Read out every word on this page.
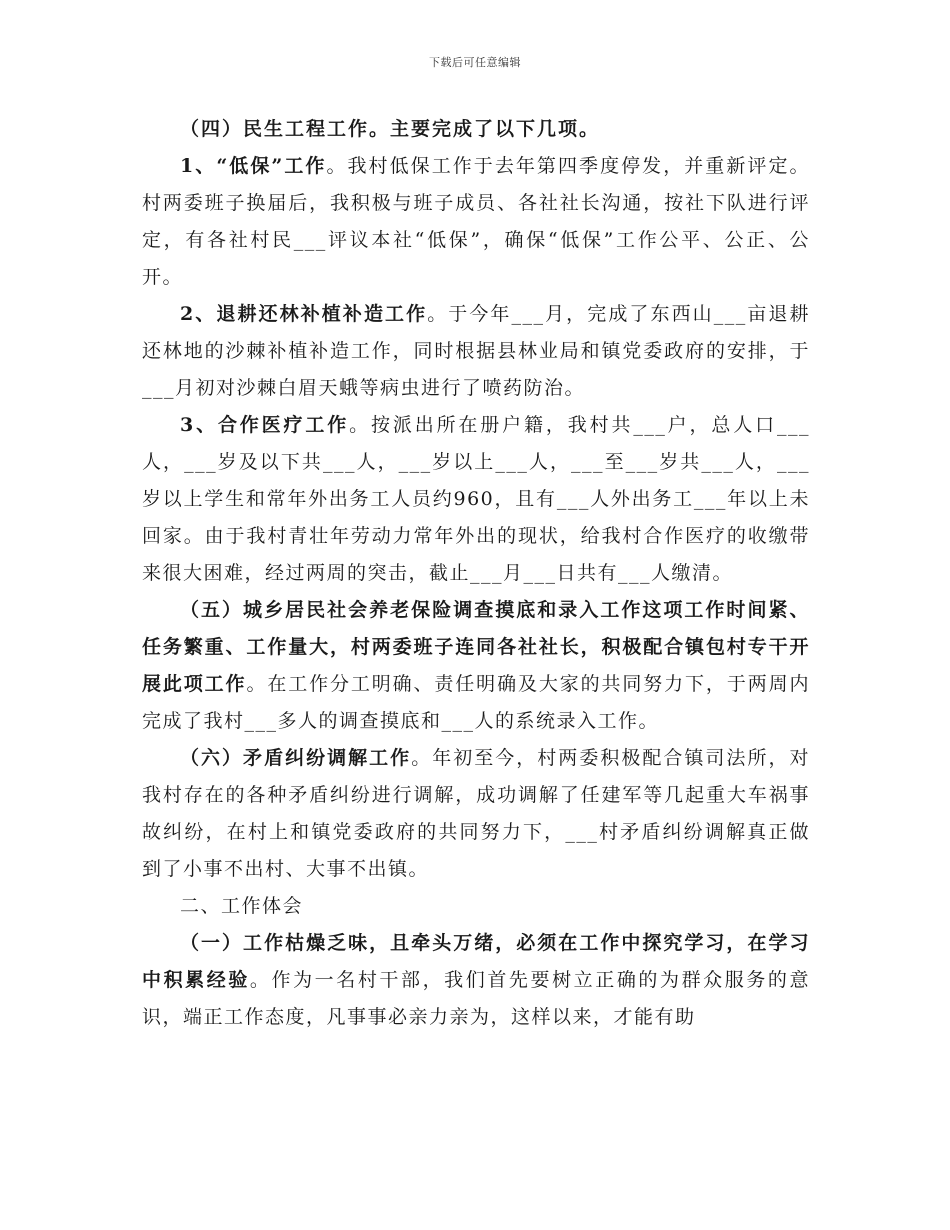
下载后可任意编辑

（四）民生工程工作。主要完成了以下几项。

1、“低保”工作。我村低保工作于去年第四季度停发，并重新评定。村两委班子换届后，我积极与班子成员、各社社长沟通，按社下队进行评定，有各社村民___评议本社“低保”，确保“低保”工作公平、公正、公开。

2、退耕还林补植补造工作。于今年___月，完成了东西山___亩退耕还林地的沙棘补植补造工作，同时根据县林业局和镇党委政府的安排，于___月初对沙棘白眉天蛾等病虫进行了喷药防治。

3、合作医疗工作。按派出所在册户籍，我村共___户，总人口___人，___岁及以下共___人，___岁以上___人，___至___岁共___人，___岁以上学生和常年外出务工人员约960，且有___人外出务工___年以上未回家。由于我村青壮年劳动力常年外出的现状，给我村合作医疗的收缴带来很大困难，经过两周的突击，截止___月___日共有___人缴清。

（五）城乡居民社会养老保险调查摸底和录入工作这项工作时间紧、任务繁重、工作量大，村两委班子连同各社社长，积极配合镇包村专干开展此项工作。在工作分工明确、责任明确及大家的共同努力下，于两周内完成了我村___多人的调查摸底和___人的系统录入工作。

（六）矛盾纠纷调解工作。年初至今，村两委积极配合镇司法所，对我村存在的各种矛盾纠纷进行调解，成功调解了任建军等几起重大车祸事故纠纷，在村上和镇党委政府的共同努力下，___村矛盾纠纷调解真正做到了小事不出村、大事不出镇。

二、工作体会

（一）工作枯燥乏味，且牵头万绪，必须在工作中探究学习，在学习中积累经验。作为一名村干部，我们首先要树立正确的为群众服务的意识，端正工作态度，凡事事必亲力亲为，这样以来，才能有助
